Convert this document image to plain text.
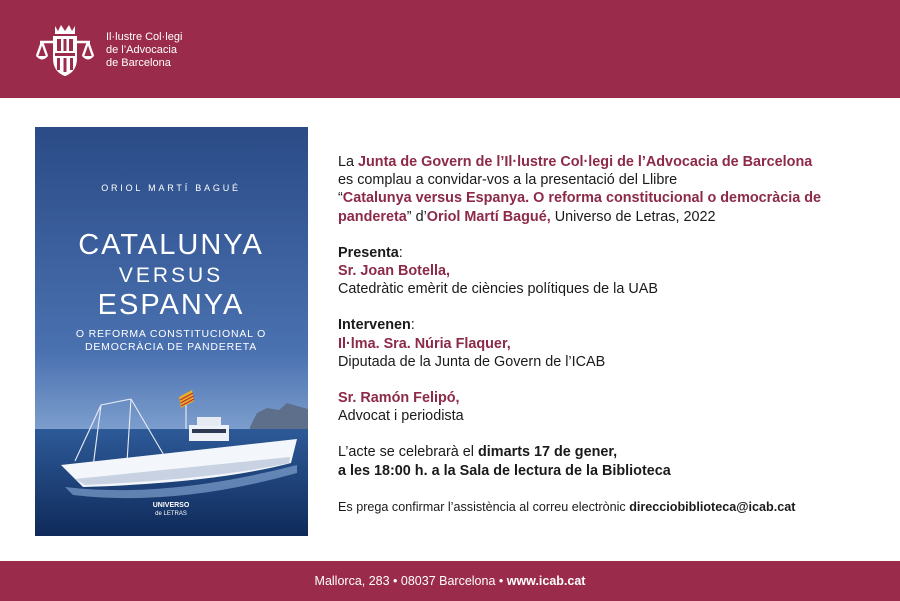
Il·lustre Col·legi
de l’Advocacia
de Barcelona
ORIOL MARTÍ BAGUÉ
CATALUNYA
VERSUS
ESPANYA
O REFORMA CONSTITUCIONAL O
DEMOCRÀCIA DE PANDERETA
UNIVERSO
de LETRAS

La Junta de Govern de l’Il·lustre Col·legi de l’Advocacia de Barcelona
es complau a convidar-vos a la presentació del Llibre
“Catalunya versus Espanya. O reforma constitucional o democràcia de pandereta” d’Oriol Martí Bagué, Universo de Letras, 2022

Presenta:
Sr. Joan Botella,
Catedràtic emèrit de ciències polítiques de la UAB

Intervenen:
Il·lma. Sra. Núria Flaquer,
Diputada de la Junta de Govern de l’ICAB

Sr. Ramón Felipó,
Advocat i periodista

L’acte se celebrarà el dimarts 17 de gener,
a les 18:00 h. a la Sala de lectura de la Biblioteca

Es prega confirmar l’assistència al correu electrònic direcciobiblioteca@icab.cat

Mallorca, 283 • 08037 Barcelona • www.icab.cat
